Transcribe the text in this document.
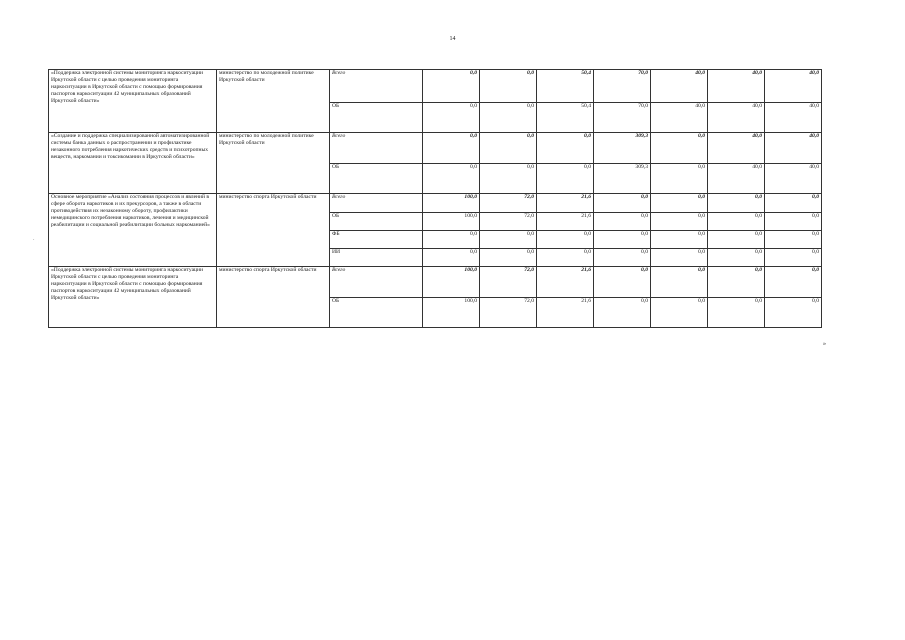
14
.
«Поддержка электронной системы мониторинга наркоситуации Иркутской области с целью проведения мониторинга наркоситуации в Иркутской области с помощью формирования паспортов наркоситуации 42 муниципальных образований Иркутской области»	министерство по молодежной политике Иркутской области	Всего	0,0	0,0	50,4	70,0	40,0	40,0	40,0
		ОБ	0,0	0,0	50,4	70,0	40,0	40,0	40,0
«Создание и поддержка специализированной автоматизированной системы банка данных о распространении и профилактике незаконного потребления наркотических средств и психотропных веществ, наркомании и токсикомании в Иркутской области»	министерство по молодежной политике Иркутской области	Всего	0,0	0,0	0,0	309,3	0,0	40,0	40,0
		ОБ	0,0	0,0	0,0	309,3	0,0	40,0	40,0
Основное мероприятие «Анализ состояния процессов и явлений в сфере оборота наркотиков и их прекурсоров, а также в области противодействия их незаконному обороту, профилактики немедицинского потребления наркотиков, лечения и медицинской реабилитации и социальной реабилитации больных наркоманией»	министерство спорта Иркутской области	Всего	100,0	72,0	21,6	0,0	0,0	0,0	0,0
		ОБ	100,0	72,0	21,6	0,0	0,0	0,0	0,0
		ФБ	0,0	0,0	0,0	0,0	0,0	0,0	0,0
		ИИ	0,0	0,0	0,0	0,0	0,0	0,0	0,0
«Поддержка электронной системы мониторинга наркоситуации Иркутской области с целью проведения мониторинга наркоситуации в Иркутской области с помощью формирования паспортов наркоситуации 42 муниципальных образований Иркутской области»	министерство спорта Иркутской области	Всего	100,0	72,0	21,6	0,0	0,0	0,0	0,0
		ОБ	100,0	72,0	21,6	0,0	0,0	0,0	0,0
»
